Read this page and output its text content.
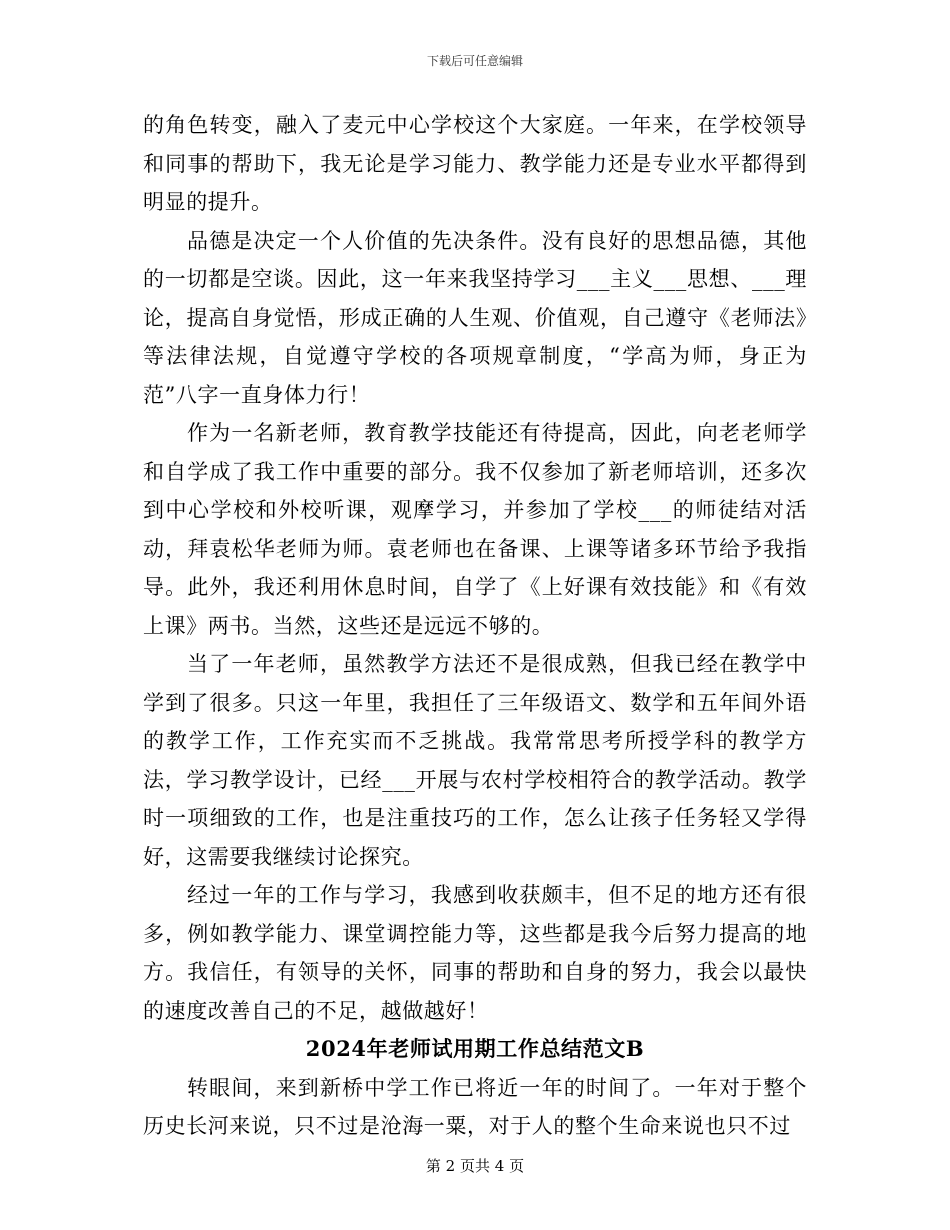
下载后可任意编辑

的角色转变，融入了麦元中心学校这个大家庭。一年来，在学校领导和同事的帮助下，我无论是学习能力、教学能力还是专业水平都得到明显的提升。

品德是决定一个人价值的先决条件。没有良好的思想品德，其他的一切都是空谈。因此，这一年来我坚持学习___主义___思想、___理论，提高自身觉悟，形成正确的人生观、价值观，自己遵守《老师法》等法律法规，自觉遵守学校的各项规章制度，“学高为师，身正为范”八字一直身体力行！

作为一名新老师，教育教学技能还有待提高，因此，向老老师学和自学成了我工作中重要的部分。我不仅参加了新老师培训，还多次到中心学校和外校听课，观摩学习，并参加了学校___的师徒结对活动，拜袁松华老师为师。袁老师也在备课、上课等诸多环节给予我指导。此外，我还利用休息时间，自学了《上好课有效技能》和《有效上课》两书。当然，这些还是远远不够的。

当了一年老师，虽然教学方法还不是很成熟，但我已经在教学中学到了很多。只这一年里，我担任了三年级语文、数学和五年间外语的教学工作，工作充实而不乏挑战。我常常思考所授学科的教学方法，学习教学设计，已经___开展与农村学校相符合的教学活动。教学时一项细致的工作，也是注重技巧的工作，怎么让孩子任务轻又学得好，这需要我继续讨论探究。

经过一年的工作与学习，我感到收获颇丰，但不足的地方还有很多，例如教学能力、课堂调控能力等，这些都是我今后努力提高的地方。我信任，有领导的关怀，同事的帮助和自身的努力，我会以最快的速度改善自己的不足，越做越好！

2024年老师试用期工作总结范文B

转眼间，来到新桥中学工作已将近一年的时间了。一年对于整个历史长河来说，只不过是沧海一粟，对于人的整个生命来说也只不过

第 2 页共 4 页
